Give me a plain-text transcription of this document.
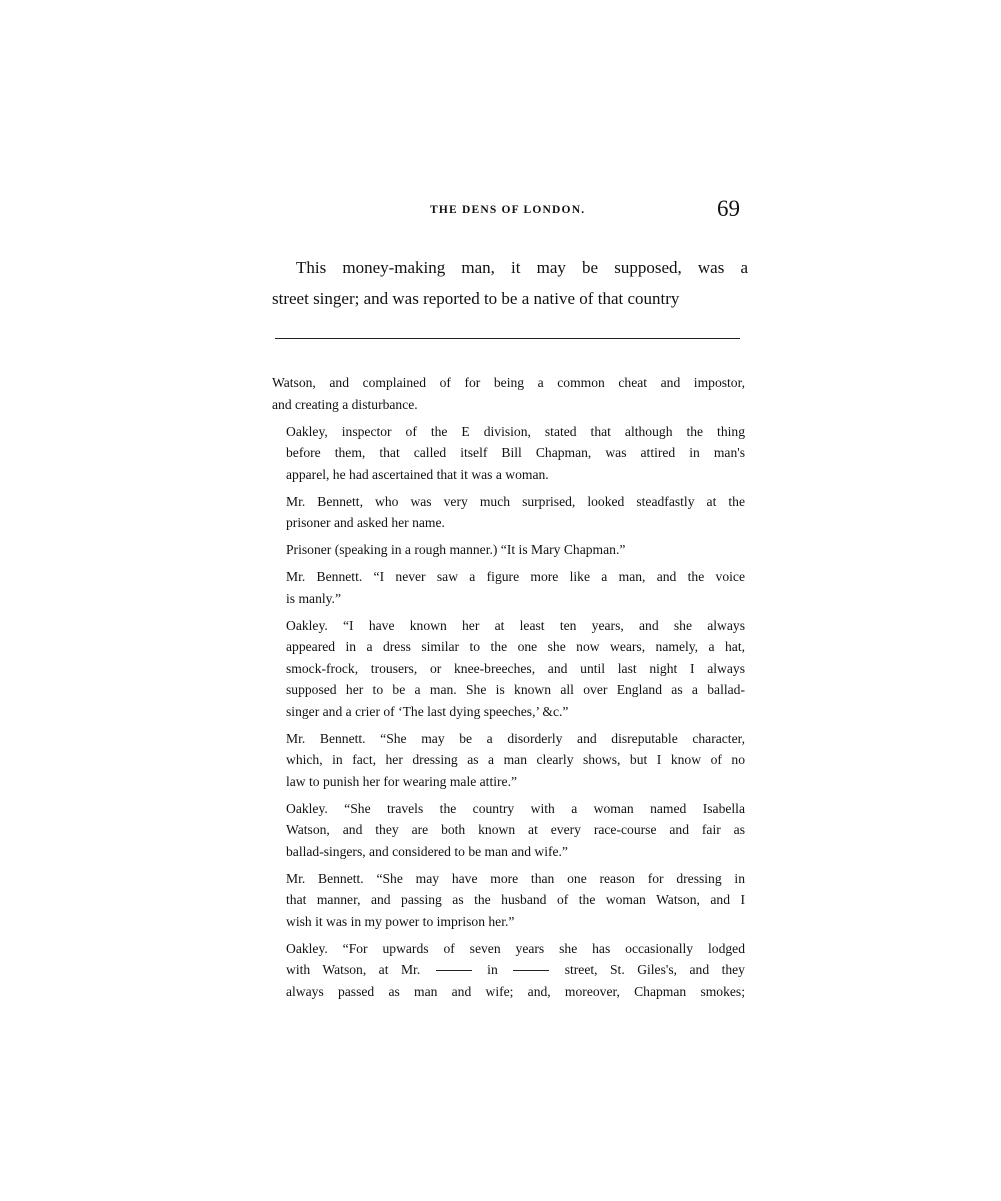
THE DENS OF LONDON.	69

This money-making man, it may be supposed, was a

street singer; and was reported to be a native of that country

Watson, and complained of for being a common cheat and impostor,
and creating a disturbance.

Oakley, inspector of the E division, stated that although the thing
before them, that called itself Bill Chapman, was attired in man's
apparel, he had ascertained that it was a woman.

Mr. Bennett, who was very much surprised, looked steadfastly at the
prisoner and asked her name.

Prisoner (speaking in a rough manner.) “It is Mary Chapman.”

Mr. Bennett. “I never saw a figure more like a man, and the voice
is manly.”

Oakley. “I have known her at least ten years, and she always
appeared in a dress similar to the one she now wears, namely, a hat,
smock-frock, trousers, or knee-breeches, and until last night I always
supposed her to be a man. She is known all over England as a ballad-
singer and a crier of ‘The last dying speeches,’ &c.”

Mr. Bennett. “She may be a disorderly and disreputable character,
which, in fact, her dressing as a man clearly shows, but I know of no
law to punish her for wearing male attire.”

Oakley. “She travels the country with a woman named Isabella
Watson, and they are both known at every race-course and fair as
ballad-singers, and considered to be man and wife.”

Mr. Bennett. “She may have more than one reason for dressing in
that manner, and passing as the husband of the woman Watson, and I
wish it was in my power to imprison her.”

Oakley. “For upwards of seven years she has occasionally lodged
with Watson, at Mr.	in	street, St. Giles's, and they
always passed as man and wife; and, moreover, Chapman smokes;
